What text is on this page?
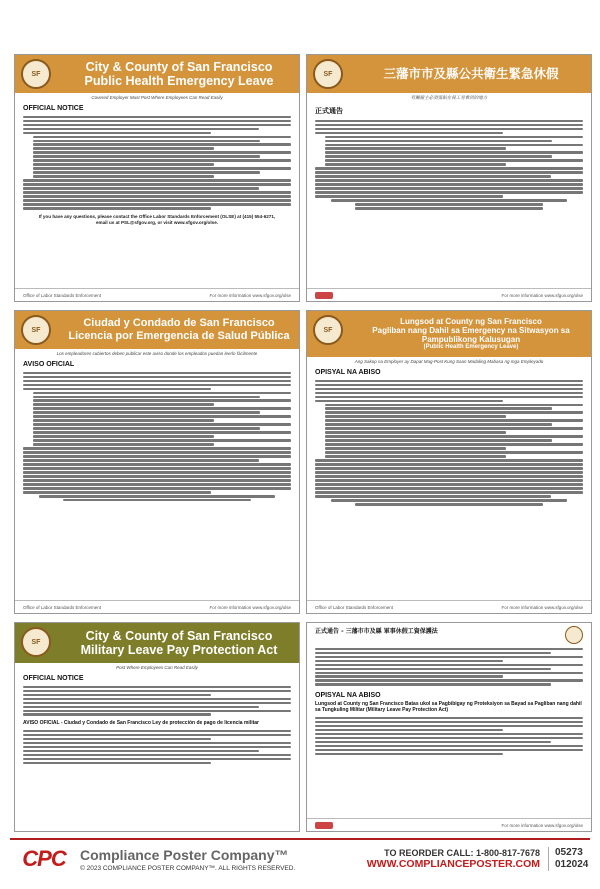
SF
City & County of San Francisco
Public Health Emergency Leave
Covered Employer Must Post Where Employees Can Read Easily
OFFICIAL NOTICE
If you have any questions, please contact the Office Labor Standards Enforcement (OLSE) at (415) 554-6271,
email us at PSL@sfgov.org, or visit www.sfgov.org/olse.
Office of Labor Standards Enforcement	For more information www.sfgov.org/olse
SF	三藩市市及縣公共衛生緊急休假
有關僱主必須張貼在員工易看到的地方
正式通告
For more information www.sfgov.org/olse
SF
Ciudad y Condado de San Francisco
Licencia por Emergencia de Salud Pública
Los empleadores cubiertos deben publicar este aviso donde los empleados puedan leerlo fácilmente
AVISO OFICIAL
Office of Labor Standards Enforcement	For more information www.sfgov.org/olse
SF
Lungsod at County ng San Francisco
Pagliban nang Dahil sa Emergency na Sitwasyon sa
Pampublikong Kalusugan
(Public Health Emergency Leave)
Ang Sakop na Employer ay Dapat Mag-Post Kung Saan Madaling Mabasa ng mga Empleyado
OPISYAL NA ABISO
Office of Labor Standards Enforcement	For more information www.sfgov.org/olse
SF	City & County of San Francisco
Military Leave Pay Protection Act
Post Where Employees Can Read Easily
OFFICIAL NOTICE
AVISO OFICIAL - Ciudad y Condado de San Francisco Ley de protección de pago de licencia militar
正式通告 - 三藩市市及縣 軍事休假工資保護法
OPISYAL NA ABISO
Lungsod at County ng San Francisco Batas ukol sa Pagbibigay ng Proteksiyon sa Bayad sa Pagliban nang dahil sa Tungkuling Militar (Military Leave Pay Protection Act)
For more information www.sfgov.org/olse
CPC	Compliance Poster Company™
© 2023 COMPLIANCE POSTER COMPANY™. ALL RIGHTS RESERVED.
TO REORDER CALL: 1-800-817-7678
WWW.COMPLIANCEPOSTER.COM
05273
012024
